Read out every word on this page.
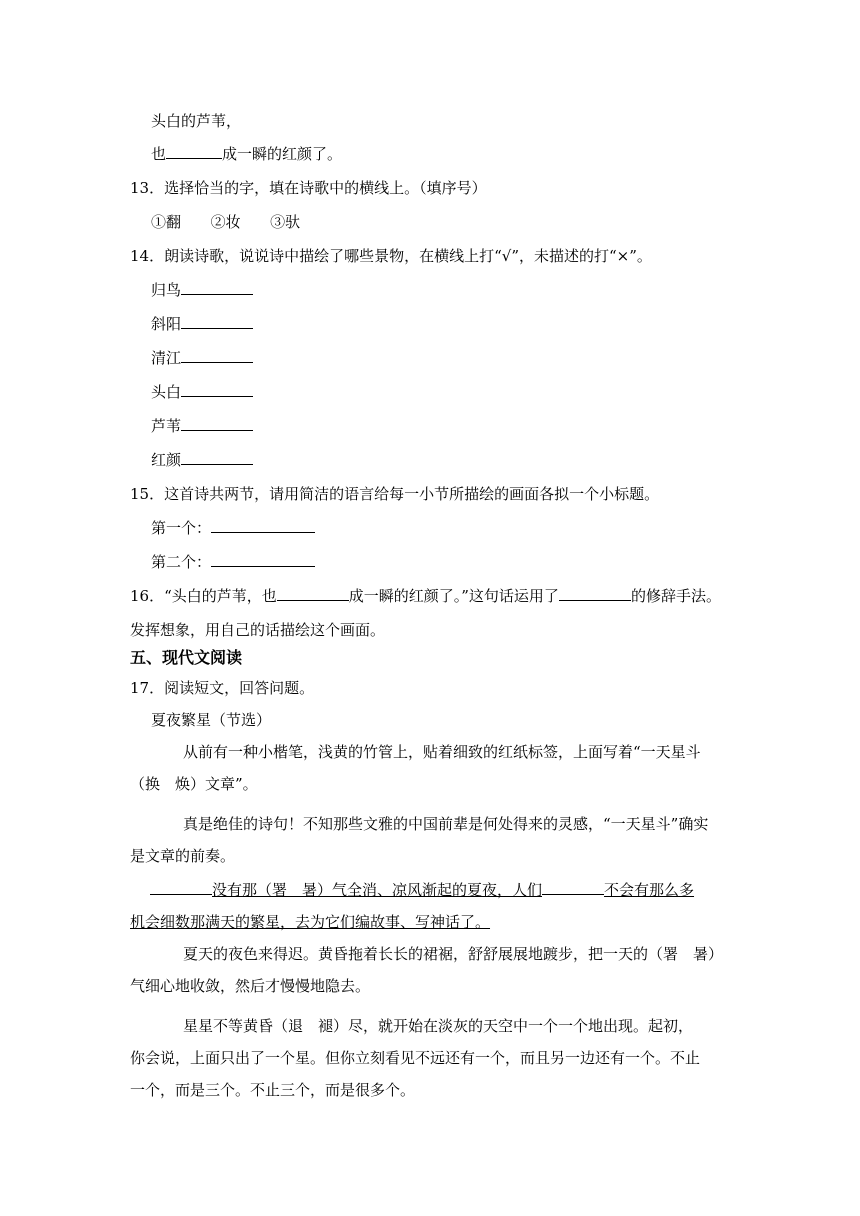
头白的芦苇，
也	成一瞬的红颜了。
13．选择恰当的字，填在诗歌中的横线上。（填序号）
①翻 ②妆 ③驮
14．朗读诗歌，说说诗中描绘了哪些景物，在横线上打“√”，未描述的打“×”。
归鸟
斜阳
清江
头白
芦苇
红颜
15．这首诗共两节，请用简洁的语言给每一小节所描绘的画面各拟一个小标题。
第一个：
第二个：
16．“头白的芦苇，也	成一瞬的红颜了。”这句话运用了	的修辞手法。
发挥想象，用自己的话描绘这个画面。
五、现代文阅读
17．阅读短文，回答问题。
夏夜繁星（节选）
从前有一种小楷笔，浅黄的竹管上，贴着细致的红纸标签，上面写着“一天星斗
（换　焕）文章”。
真是绝佳的诗句！不知那些文雅的中国前辈是何处得来的灵感，“一天星斗”确实
是文章的前奏。
没有那（署　暑）气全消、凉风渐起的夏夜，人们	不会有那么多
机会细数那满天的繁星，去为它们编故事、写神话了。
夏天的夜色来得迟。黄昏拖着长长的裙裾，舒舒展展地踱步，把一天的（署　暑）
气细心地收敛，然后才慢慢地隐去。
星星不等黄昏（退　褪）尽，就开始在淡灰的天空中一个一个地出现。起初，
你会说，上面只出了一个星。但你立刻看见不远还有一个，而且另一边还有一个。不止
一个，而是三个。不止三个，而是很多个。
